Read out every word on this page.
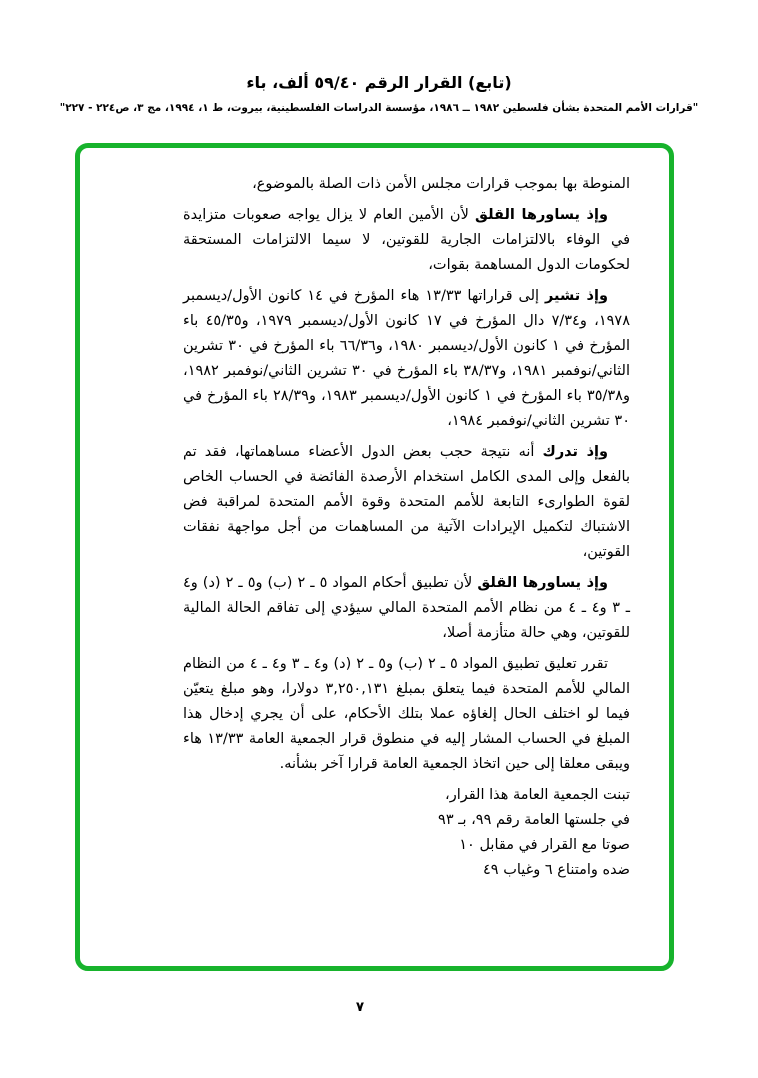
(تابع) القرار الرقم ٥٩/٤٠ ألف، باء
"قرارات الأمم المتحدة بشأن فلسطين ١٩٨٢ ــ ١٩٨٦، مؤسسة الدراسات الفلسطينية، بيروت، ط ١، ١٩٩٤، مج ٣، ص٢٢٤ - ٢٢٧"

المنوطة بها بموجب قرارات مجلس الأمن ذات الصلة بالموضوع،

وإذ يساورها القلق لأن الأمين العام لا يزال يواجه صعوبات متزايدة في الوفاء بالالتزامات الجارية للقوتين، لا سيما الالتزامات المستحقة لحكومات الدول المساهمة بقوات،

وإذ تشير إلى قراراتها ١٣/٣٣ هاء المؤرخ في ١٤ كانون الأول/ديسمبر ١٩٧٨، و٧/٣٤ دال المؤرخ في ١٧ كانون الأول/ديسمبر ١٩٧٩، و٤٥/٣٥ باء المؤرخ في ١ كانون الأول/ديسمبر ١٩٨٠، و٦٦/٣٦ باء المؤرخ في ٣٠ تشرين الثاني/نوفمبر ١٩٨١، و٣٨/٣٧ باء المؤرخ في ٣٠ تشرين الثاني/نوفمبر ١٩٨٢، و٣٥/٣٨ باء المؤرخ في ١ كانون الأول/ديسمبر ١٩٨٣، و٢٨/٣٩ باء المؤرخ في ٣٠ تشرين الثاني/نوفمبر ١٩٨٤،

وإذ تدرك أنه نتيجة حجب بعض الدول الأعضاء مساهماتها، فقد تم بالفعل وإلى المدى الكامل استخدام الأرصدة الفائضة في الحساب الخاص لقوة الطوارىء التابعة للأمم المتحدة وقوة الأمم المتحدة لمراقبة فض الاشتباك لتكميل الإيرادات الآتية من المساهمات من أجل مواجهة نفقات القوتين،

وإذ يساورها القلق لأن تطبيق أحكام المواد ٥ ـ ٢ (ب) و٥ ـ ٢ (د) و٤ ـ ٣ و٤ ـ ٤ من نظام الأمم المتحدة المالي سيؤدي إلى تفاقم الحالة المالية للقوتين، وهي حالة متأزمة أصلا،

تقرر تعليق تطبيق المواد ٥ ـ ٢ (ب) و٥ ـ ٢ (د) و٤ ـ ٣ و٤ ـ ٤ من النظام المالي للأمم المتحدة فيما يتعلق بمبلغ ٣,٢٥٠,١٣١ دولارا، وهو مبلغ يتعيّن فيما لو اختلف الحال إلغاؤه عملا بتلك الأحكام، على أن يجري إدخال هذا المبلغ في الحساب المشار إليه في منطوق قرار الجمعية العامة ١٣/٣٣ هاء ويبقى معلقا إلى حين اتخاذ الجمعية العامة قرارا آخر بشأنه.

تبنت الجمعية العامة هذا القرار،
في جلستها العامة رقم ٩٩، بـ ٩٣
صوتا مع القرار في مقابل ١٠
ضده وامتناع ٦ وغياب ٤٩
٧
